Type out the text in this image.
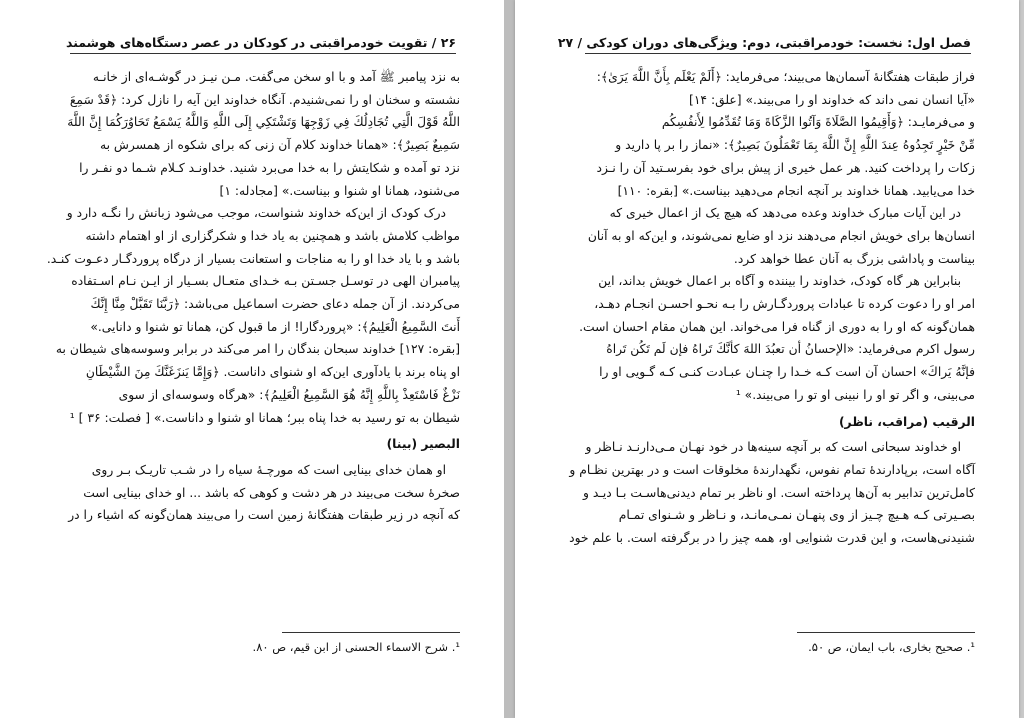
۲۶ / تقویت خودمراقبتی در کودکان در عصر دستگاه‌های هوشمند

به نزد پیامبر ﷺ آمد و با او سخن می‌گفت. مـن نیـز در گوشـه‌ای از خانـه

نشسته و سخنان او را نمی‌شنیدم. آنگاه خداوند این آیه را نازل کرد: ﴿قَدْ سَمِعَ

اللَّهُ قَوْلَ الَّتِي تُجَادِلُكَ فِي زَوْجِهَا وَتَشْتَكِي إِلَى اللَّهِ وَاللَّهُ يَسْمَعُ تَحَاوُرَكُمَا إِنَّ اللَّهَ

سَمِيعٌ بَصِيرٌ﴾: «همانا خداوند کلام آن زنی که برای شکوه از همسرش به

نزد تو آمده و شکایتش را به خدا می‌برد شنید. خداونـد کـلام شـما دو نفـر را

می‌شنود، همانا او شنوا و بیناست.» [مجادله: ۱]

درک کودک از این‌که خداوند شنواست، موجب می‌شود زبانش را نگـه دارد و

مواظب کلامش باشد و همچنین به یاد خدا و شکرگزاری از او اهتمام داشته

باشد و با یاد خدا او را به مناجات و استعانت بسیار از درگاه پروردگـار دعـوت کنـد.

پیامبران الهی در توسـل جسـتن بـه خـدای متعـال بسـیار از ایـن نـام اسـتفاده

می‌کردند. از آن جمله دعای حضرت اسماعیل می‌باشد: ﴿رَبَّنَا تَقَبَّلْ مِنَّا إِنَّكَ

أَنتَ السَّمِيعُ الْعَلِيمُ﴾: «پروردگارا! از ما قبول کن، همانا تو شنوا و دانایی.»

[بقره: ۱۲۷] خداوند سبحان بندگان را امر می‌کند در برابر وسوسه‌های شیطان به

او پناه برند با یادآوری این‌که او شنوای داناست. ﴿وَإِمَّا يَنزَغَنَّكَ مِنَ الشَّيْطَانِ

نَزْغٌ فَاسْتَعِذْ بِاللَّهِ إِنَّهُ هُوَ السَّمِيعُ الْعَلِيمُ﴾: «هرگاه وسوسه‌ای از سوی

شیطان به تو رسید به خدا پناه ببر؛ همانا او شنوا و داناست.» [ فصلت: ۳۶ ] ¹

البصیر (بینا)

او همان خدای بینایی است که مورچـهٔ سیاه را در شـب تاریـک بـر روی

صخرهٔ سخت می‌بیند در هر دشت و کوهی که باشد ... او خدای بینایی است

که آنچه در زیر طبقات هفتگانهٔ زمین است را می‌بیند همان‌گونه که اشیاء را در

¹. شرح الاسماء الحسنی از ابن قیم، ص ۸۰.
فصل اول: نخست: خودمراقبتی، دوم: ویژگی‌های دوران کودکی / ۲۷

فراز طبقات هفتگانهٔ آسمان‌ها می‌بیند؛ می‌فرماید: ﴿أَلَمْ يَعْلَم بِأَنَّ اللَّهَ يَرَىٰ﴾:

«آیا انسان نمی داند که خداوند او را می‌بیند.» [علق: ۱۴]

و می‌فرمایـد: ﴿وَأَقِيمُوا الصَّلَاةَ وَآتُوا الزَّكَاةَ وَمَا تُقَدِّمُوا لِأَنفُسِكُم

مِّنْ خَيْرٍ تَجِدُوهُ عِندَ اللَّهِ إِنَّ اللَّهَ بِمَا تَعْمَلُونَ بَصِيرٌ﴾: «نماز را بر پا دارید و

زکات را پرداخت کنید. هر عمل خیری از پیش برای خود بفرسـتید آن را نـزد

خدا می‌یابید. همانا خداوند بر آنچه انجام می‌دهید بیناست.» [بقره: ۱۱۰]

در این آیات مبارک خداوند وعده می‌دهد که هیچ یک از اعمال خیری که

انسان‌ها برای خویش انجام می‌دهند نزد او ضایع نمی‌شوند، و این‌که او به آنان

بیناست و پاداشی بزرگ به آنان عطا خواهد کرد.

بنابراین هر گاه کودک، خداوند را بیننده و آگاه بر اعمال خویش بداند، این

امر او را دعوت کرده تا عبادات پروردگـارش را بـه نحـو احسـن انجـام دهـد،

همان‌گونه که او را به دوری از گناه فرا می‌خواند. این همان مقام احسان است.

رسول اکرم می‌فرماید: «الإحسانُ أن تعبُدَ اللهَ كأنَّكَ تَراهُ فإن لَم تَكُن تَراهُ

فإنَّهُ يَراكَ» احسان آن است کـه خـدا را چنـان عبـادت کنـی کـه گـویی او را

می‌بینی، و اگر تو او را نبینی او تو را می‌بیند.» ¹

الرقیب (مراقب، ناظر)

او خداوند سبحانی است که بر آنچه سینه‌ها در خود نهـان مـی‌دارنـد نـاظر و

آگاه است، برپادارندهٔ تمام نفوس، نگهدارندهٔ مخلوقات است و در بهترین نظـام و

کامل‌ترین تدابیر به آن‌ها پرداخته است. او ناظر بر تمام دیدنی‌هاسـت بـا دیـد و

بصـیرتی کـه هـیچ چـیز از وی پنهـان نمـی‌مانـد، و نـاظر و شـنوای تمـام

شنیدنی‌هاست، و این قدرت شنوایی او، همه چیز را در برگرفته است. با علم خود

¹. صحیح بخاری، باب ایمان، ص ۵۰.
